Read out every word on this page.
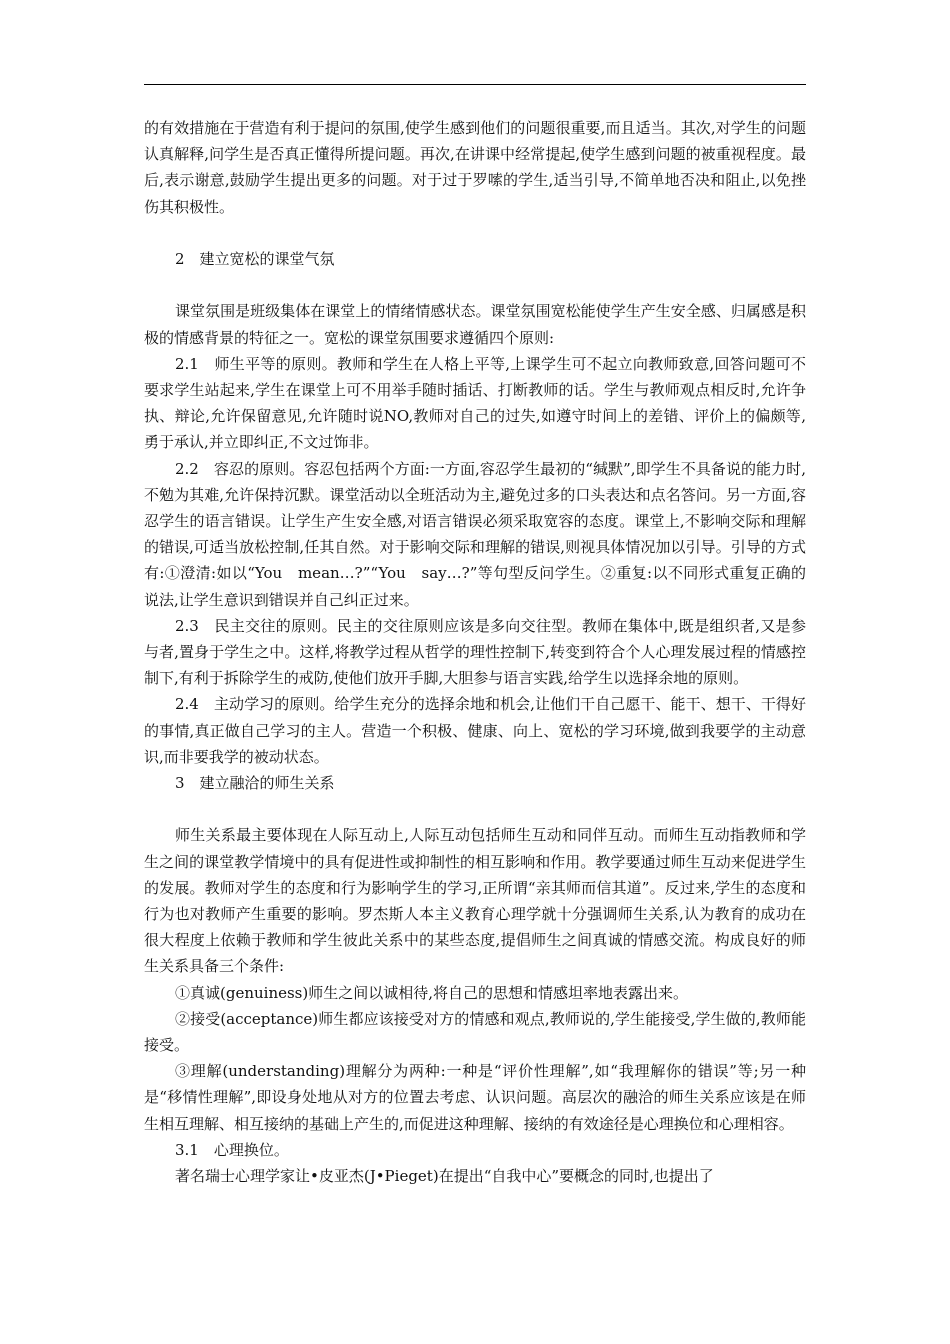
的有效措施在于营造有利于提问的氛围,使学生感到他们的问题很重要,而且适当。其次,对学生的问题认真解释,问学生是否真正懂得所提问题。再次,在讲课中经常提起,使学生感到问题的被重视程度。最后,表示谢意,鼓励学生提出更多的问题。对于过于罗嗦的学生,适当引导,不简单地否决和阻止,以免挫伤其积极性。

2　建立宽松的课堂气氛

课堂氛围是班级集体在课堂上的情绪情感状态。课堂氛围宽松能使学生产生安全感、归属感是积极的情感背景的特征之一。宽松的课堂氛围要求遵循四个原则:

2.1　师生平等的原则。教师和学生在人格上平等,上课学生可不起立向教师致意,回答问题可不要求学生站起来,学生在课堂上可不用举手随时插话、打断教师的话。学生与教师观点相反时,允许争执、辩论,允许保留意见,允许随时说NO,教师对自己的过失,如遵守时间上的差错、评价上的偏颇等,勇于承认,并立即纠正,不文过饰非。

2.2　容忍的原则。容忍包括两个方面:一方面,容忍学生最初的“缄默”,即学生不具备说的能力时,不勉为其难,允许保持沉默。课堂活动以全班活动为主,避免过多的口头表达和点名答问。另一方面,容忍学生的语言错误。让学生产生安全感,对语言错误必须采取宽容的态度。课堂上,不影响交际和理解的错误,可适当放松控制,任其自然。对于影响交际和理解的错误,则视具体情况加以引导。引导的方式有:①澄清:如以“You　mean…?”“You　say…?”等句型反问学生。②重复:以不同形式重复正确的说法,让学生意识到错误并自己纠正过来。

2.3　民主交往的原则。民主的交往原则应该是多向交往型。教师在集体中,既是组织者,又是参与者,置身于学生之中。这样,将教学过程从哲学的理性控制下,转变到符合个人心理发展过程的情感控制下,有利于拆除学生的戒防,使他们放开手脚,大胆参与语言实践,给学生以选择余地的原则。

2.4　主动学习的原则。给学生充分的选择余地和机会,让他们干自己愿干、能干、想干、干得好的事情,真正做自己学习的主人。营造一个积极、健康、向上、宽松的学习环境,做到我要学的主动意识,而非要我学的被动状态。

3　建立融洽的师生关系

师生关系最主要体现在人际互动上,人际互动包括师生互动和同伴互动。而师生互动指教师和学生之间的课堂教学情境中的具有促进性或抑制性的相互影响和作用。教学要通过师生互动来促进学生的发展。教师对学生的态度和行为影响学生的学习,正所谓“亲其师而信其道”。反过来,学生的态度和行为也对教师产生重要的影响。罗杰斯人本主义教育心理学就十分强调师生关系,认为教育的成功在很大程度上依赖于教师和学生彼此关系中的某些态度,提倡师生之间真诚的情感交流。构成良好的师生关系具备三个条件:

①真诚(genuiness)师生之间以诚相待,将自己的思想和情感坦率地表露出来。

②接受(acceptance)师生都应该接受对方的情感和观点,教师说的,学生能接受,学生做的,教师能接受。

③理解(understanding)理解分为两种:一种是“评价性理解”,如“我理解你的错误”等;另一种是“移情性理解”,即设身处地从对方的位置去考虑、认识问题。高层次的融洽的师生关系应该是在师生相互理解、相互接纳的基础上产生的,而促进这种理解、接纳的有效途径是心理换位和心理相容。

3.1　心理换位。

著名瑞士心理学家让•皮亚杰(J•Pieget)在提出“自我中心”要概念的同时,也提出了
